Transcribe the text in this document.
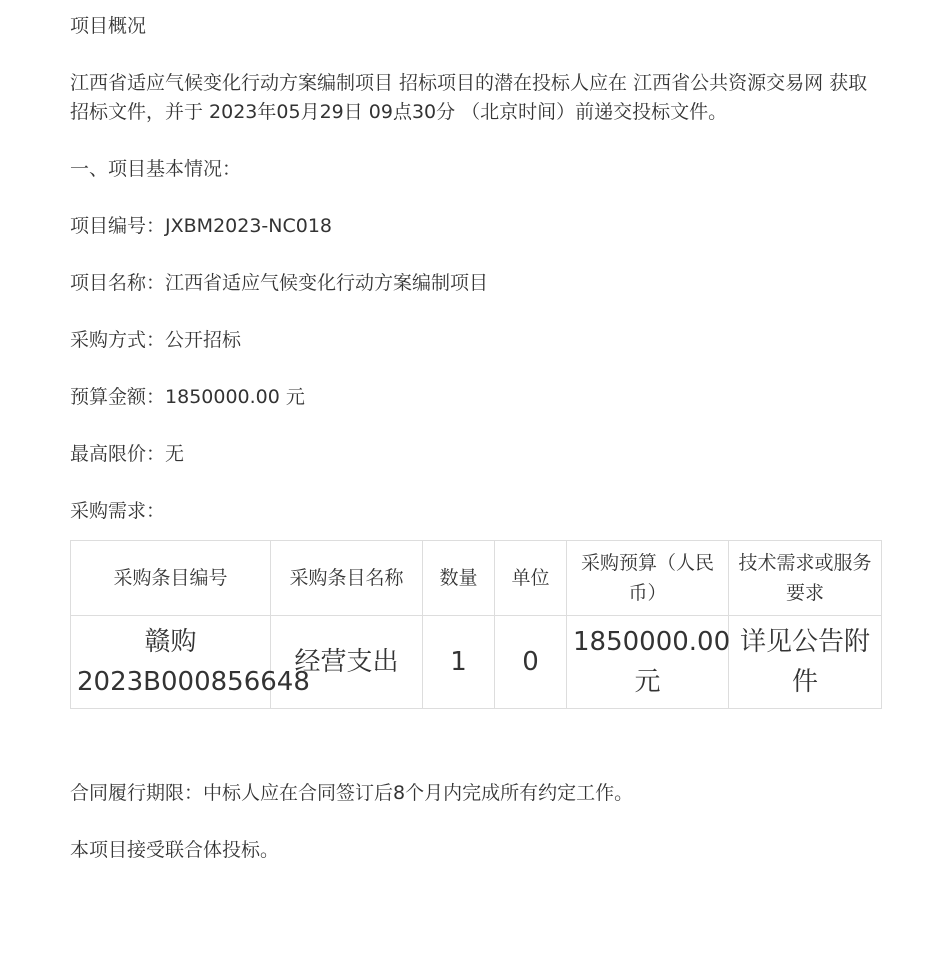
项目概况

江西省适应气候变化行动方案编制项目 招标项目的潜在投标人应在 江西省公共资源交易网 获取招标文件，并于 2023年05月29日 09点30分 （北京时间）前递交投标文件。

一、项目基本情况：

项目编号：JXBM2023-NC018

项目名称：江西省适应气候变化行动方案编制项目

采购方式：公开招标

预算金额：1850000.00 元

最高限价：无

采购需求：

采购条目编号	采购条目名称	数量	单位	采购预算（人民币）	技术需求或服务要求
赣购2023B000856648	经营支出	1	0	1850000.00元	详见公告附件

合同履行期限：中标人应在合同签订后8个月内完成所有约定工作。

本项目接受联合体投标。
